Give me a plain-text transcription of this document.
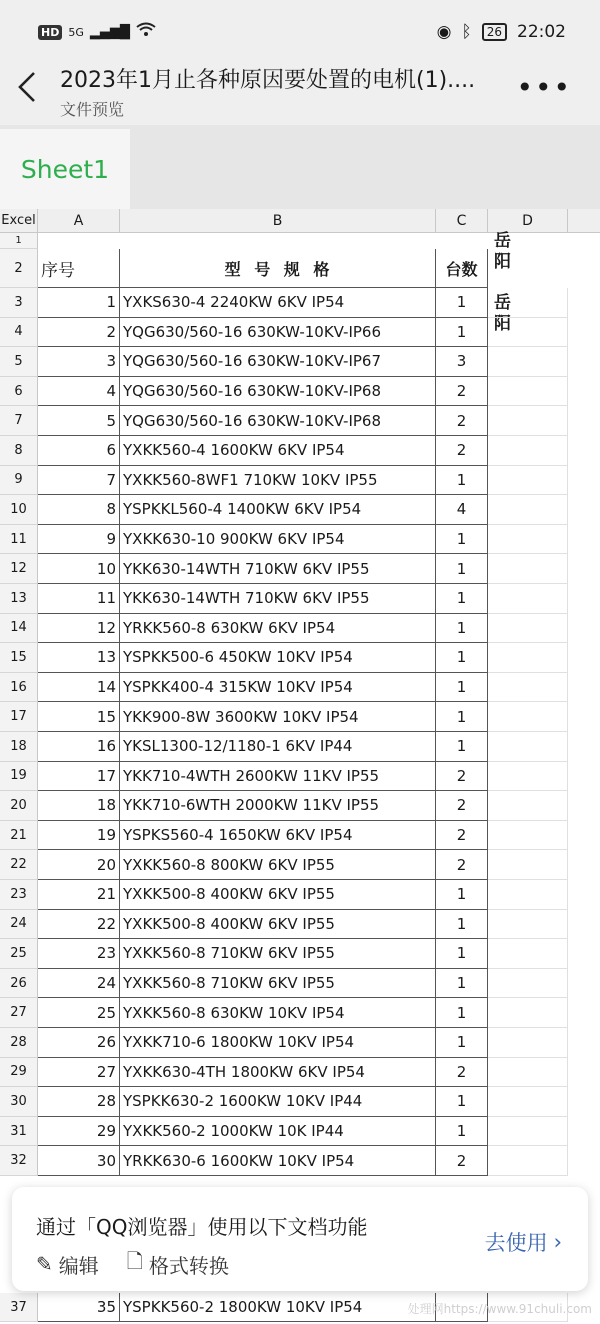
HD 5G ▂▄▆█	◉ ᛒ	26 22:02
2023年1月止各种原因要处置的电机(1)....
文件预览
•••
Sheet1
Excel	A	B	C	D
1
2	序号	型 号 规 格	台数
岳阳
岳阳
3	1 YXKS630-4 2240KW 6KV IP54	1
4	2 YQG630/560-16 630KW-10KV-IP66	1
5	3 YQG630/560-16 630KW-10KV-IP67	3
6	4 YQG630/560-16 630KW-10KV-IP68	2
7	5 YQG630/560-16 630KW-10KV-IP68	2
8	6 YXKK560-4 1600KW 6KV IP54	2
9	7 YXKK560-8WF1 710KW 10KV IP55	1
10	8 YSPKKL560-4 1400KW 6KV IP54	4
11	9 YXKK630-10 900KW 6KV IP54	1
12	10 YKK630-14WTH 710KW 6KV IP55	1
13	11 YKK630-14WTH 710KW 6KV IP55	1
14	12 YRKK560-8 630KW 6KV IP54	1
15	13 YSPKK500-6 450KW 10KV IP54	1
16	14 YSPKK400-4 315KW 10KV IP54	1
17	15 YKK900-8W 3600KW 10KV IP54	1
18	16 YKSL1300-12/1180-1 6KV IP44	1
19	17 YKK710-4WTH 2600KW 11KV IP55	2
20	18 YKK710-6WTH 2000KW 11KV IP55	2
21	19 YSPKS560-4 1650KW 6KV IP54	2
22	20 YXKK560-8 800KW 6KV IP55	2
23	21 YXKK500-8 400KW 6KV IP55	1
24	22 YXKK500-8 400KW 6KV IP55	1
25	23 YXKK560-8 710KW 6KV IP55	1
26	24 YXKK560-8 710KW 6KV IP55	1
27	25 YXKK560-8 630KW 10KV IP54	1
28	26 YXKK710-6 1800KW 10KV IP54	1
29	27 YXKK630-4TH 1800KW 6KV IP54	2
30	28 YSPKK630-2 1600KW 10KV IP44	1
31	29 YXKK560-2 1000KW 10K IP44	1
32	30 YRKK630-6 1600KW 10KV IP54	2
37	35 YSPKK560-2 1800KW 10KV IP54
通过「QQ浏览器」使用以下文档功能
✎ 编辑 🗋 格式转换
去使用 ›
处理网https://www.91chuli.com
